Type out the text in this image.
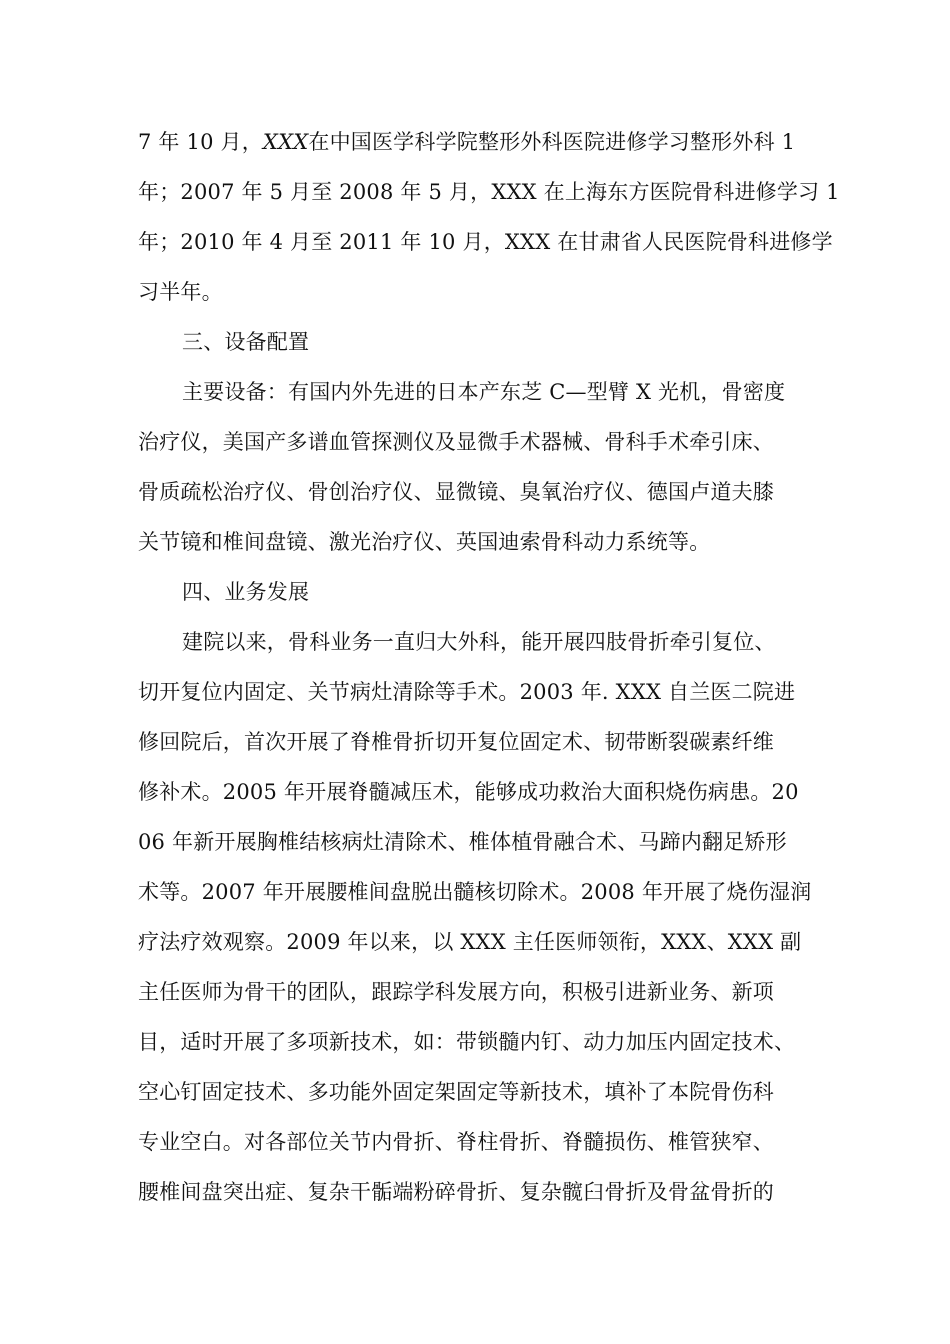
7 年 10 月，XXX在中国医学科学院整形外科医院进修学习整形外科 1
年；2007 年 5 月至 2008 年 5 月，XXX 在上海东方医院骨科进修学习 1
年；2010 年 4 月至 2011 年 10 月，XXX 在甘肃省人民医院骨科进修学
习半年。
三、设备配置
主要设备：有国内外先进的日本产东芝 C—型臂 X 光机，骨密度
治疗仪，美国产多谱血管探测仪及显微手术器械、骨科手术牵引床、
骨质疏松治疗仪、骨创治疗仪、显微镜、臭氧治疗仪、德国卢道夫膝
关节镜和椎间盘镜、激光治疗仪、英国迪索骨科动力系统等。
四、业务发展
建院以来，骨科业务一直归大外科，能开展四肢骨折牵引复位、
切开复位内固定、关节病灶清除等手术。2003 年. XXX 自兰医二院进
修回院后，首次开展了脊椎骨折切开复位固定术、韧带断裂碳素纤维
修补术。2005 年开展脊髓减压术，能够成功救治大面积烧伤病患。20
06 年新开展胸椎结核病灶清除术、椎体植骨融合术、马蹄内翻足矫形
术等。2007 年开展腰椎间盘脱出髓核切除术。2008 年开展了烧伤湿润
疗法疗效观察。2009 年以来，以 XXX 主任医师领衔，XXX、XXX 副
主任医师为骨干的团队，跟踪学科发展方向，积极引进新业务、新项
目，适时开展了多项新技术，如：带锁髓内钉、动力加压内固定技术、
空心钉固定技术、多功能外固定架固定等新技术，填补了本院骨伤科
专业空白。对各部位关节内骨折、脊柱骨折、脊髓损伤、椎管狭窄、
腰椎间盘突出症、复杂干骺端粉碎骨折、复杂髋臼骨折及骨盆骨折的
